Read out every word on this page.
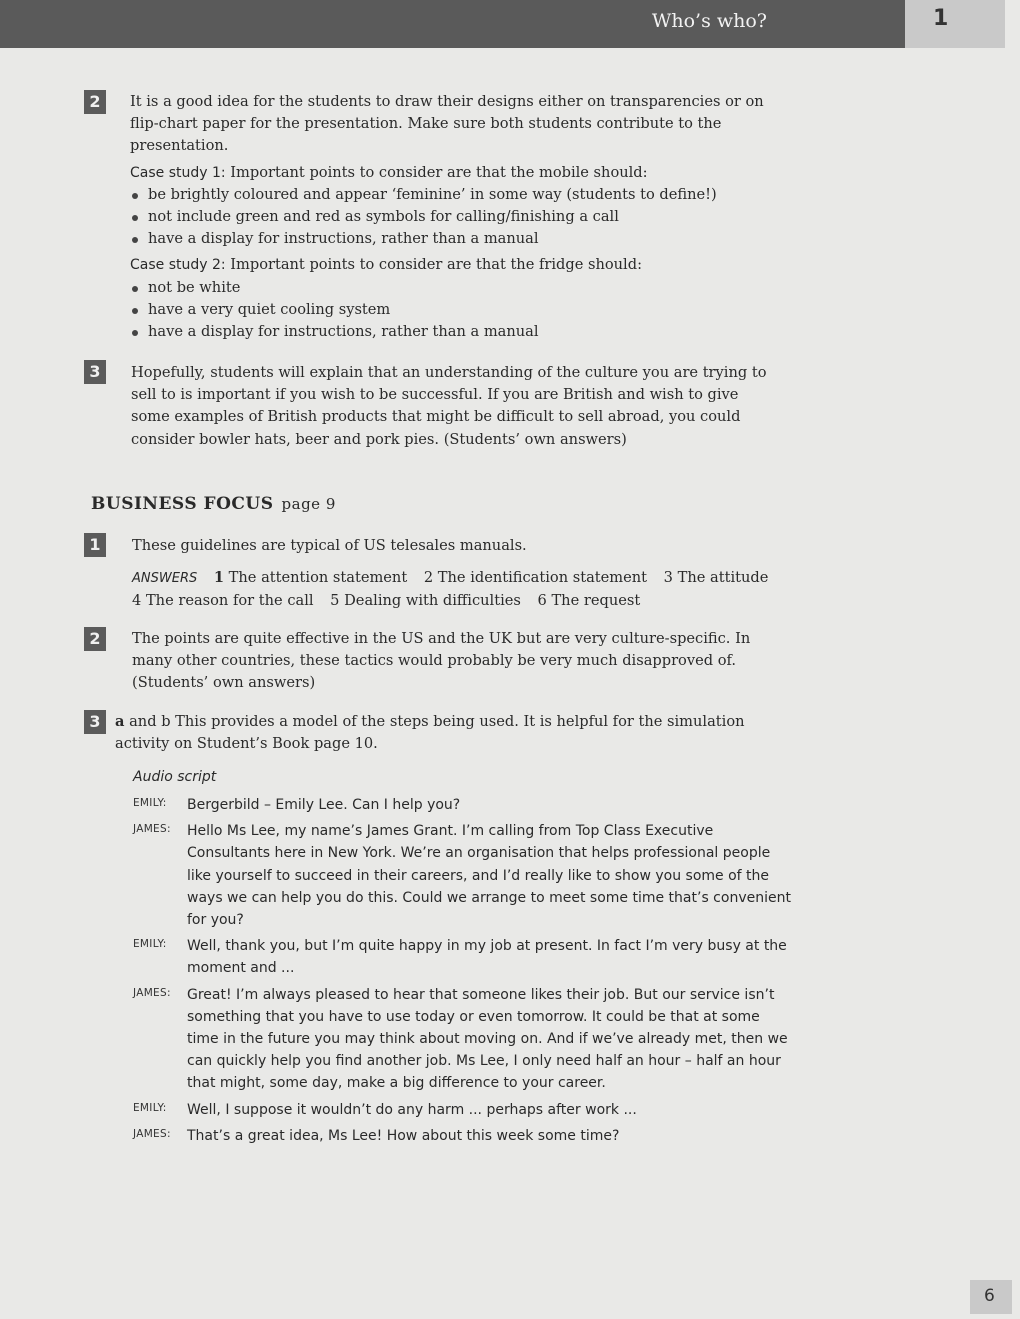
Who’s who?	1
2	It is a good idea for the students to draw their designs either on transparencies or on flip-chart paper for the presentation. Make sure both students contribute to the presentation.
Case study 1: Important points to consider are that the mobile should:
be brightly coloured and appear ‘feminine’ in some way (students to define!)
not include green and red as symbols for calling/finishing a call
have a display for instructions, rather than a manual
Case study 2: Important points to consider are that the fridge should:
not be white
have a very quiet cooling system
have a display for instructions, rather than a manual
3	Hopefully, students will explain that an understanding of the culture you are trying to sell to is important if you wish to be successful. If you are British and wish to give some examples of British products that might be difficult to sell abroad, you could consider bowler hats, beer and pork pies. (Students’ own answers)
BUSINESS FOCUS page 9
1	These guidelines are typical of US telesales manuals.
ANSWERS 1 The attention statement 2 The identification statement 3 The attitude
4 The reason for the call 5 Dealing with difficulties 6 The request
2	The points are quite effective in the US and the UK but are very culture-specific. In many other countries, these tactics would probably be very much disapproved of. (Students’ own answers)
3 a and b This provides a model of the steps being used. It is helpful for the simulation activity on Student’s Book page 10.
Audio script
EMILY:	Bergerbild – Emily Lee. Can I help you?
JAMES:	Hello Ms Lee, my name’s James Grant. I’m calling from Top Class Executive Consultants here in New York. We’re an organisation that helps professional people like yourself to succeed in their careers, and I’d really like to show you some of the ways we can help you do this. Could we arrange to meet some time that’s convenient for you?
EMILY:	Well, thank you, but I’m quite happy in my job at present. In fact I’m very busy at the moment and ...
JAMES:	Great! I’m always pleased to hear that someone likes their job. But our service isn’t something that you have to use today or even tomorrow. It could be that at some time in the future you may think about moving on. And if we’ve already met, then we can quickly help you find another job. Ms Lee, I only need half an hour – half an hour that might, some day, make a big difference to your career.
EMILY:	Well, I suppose it wouldn’t do any harm ... perhaps after work ...
JAMES:	That’s a great idea, Ms Lee! How about this week some time?
6
